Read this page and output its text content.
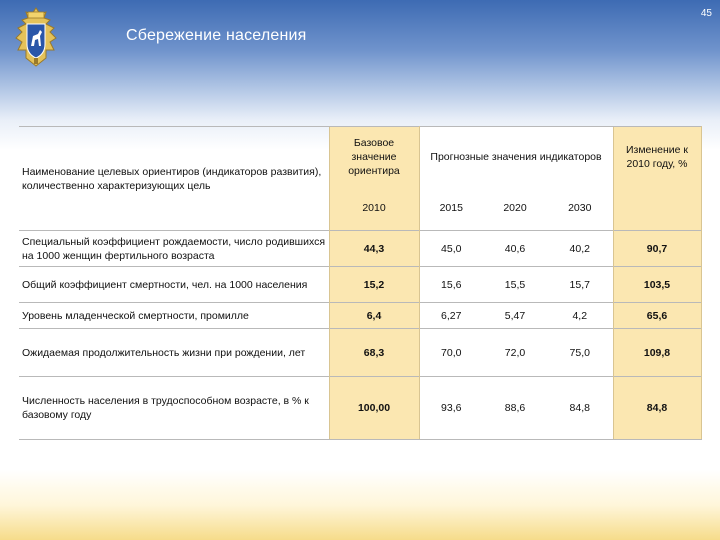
45
Сбережение населения
Наименование целевых ориентиров (индикаторов развития), количественно характеризующих цель	Базовое значение ориентира	Прогнозные значения индикаторов			Изменение к 2010 году, %
	2010	2015	2020	2030	
Специальный коэффициент рождаемости, число родившихся на 1000 женщин фертильного возраста	44,3	45,0	40,6	40,2	90,7
Общий коэффициент смертности, чел. на 1000 населения	15,2	15,6	15,5	15,7	103,5
Уровень младенческой смертности, промилле	6,4	6,27	5,47	4,2	65,6
Ожидаемая продолжительность жизни при рождении, лет	68,3	70,0	72,0	75,0	109,8
Численность населения в трудоспособном возрасте, в % к базовому году	100,00	93,6	88,6	84,8	84,8
